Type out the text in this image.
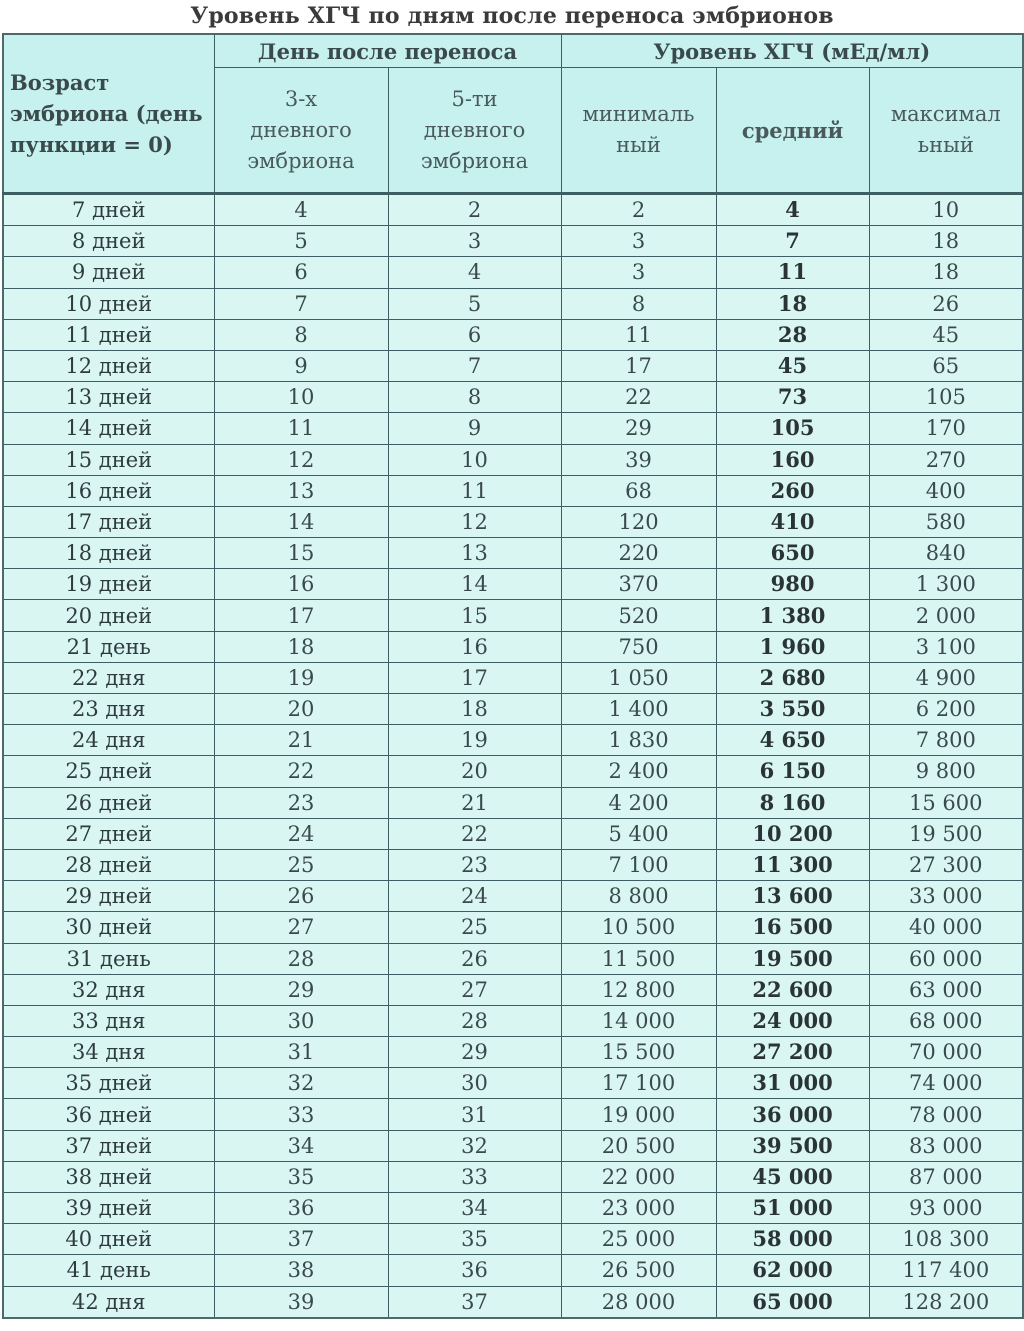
Уровень ХГЧ по дням после переноса эмбрионов
Возраст эмбриона (день пункции = 0)	День после переноса		Уровень ХГЧ (мЕд/мл)		
	3-х дневного эмбриона	5-ти дневного эмбриона	минималь ный	средний	максимал ьный
7 дней	4	2	2	4	10
8 дней	5	3	3	7	18
9 дней	6	4	3	11	18
10 дней	7	5	8	18	26
11 дней	8	6	11	28	45
12 дней	9	7	17	45	65
13 дней	10	8	22	73	105
14 дней	11	9	29	105	170
15 дней	12	10	39	160	270
16 дней	13	11	68	260	400
17 дней	14	12	120	410	580
18 дней	15	13	220	650	840
19 дней	16	14	370	980	1 300
20 дней	17	15	520	1 380	2 000
21 день	18	16	750	1 960	3 100
22 дня	19	17	1 050	2 680	4 900
23 дня	20	18	1 400	3 550	6 200
24 дня	21	19	1 830	4 650	7 800
25 дней	22	20	2 400	6 150	9 800
26 дней	23	21	4 200	8 160	15 600
27 дней	24	22	5 400	10 200	19 500
28 дней	25	23	7 100	11 300	27 300
29 дней	26	24	8 800	13 600	33 000
30 дней	27	25	10 500	16 500	40 000
31 день	28	26	11 500	19 500	60 000
32 дня	29	27	12 800	22 600	63 000
33 дня	30	28	14 000	24 000	68 000
34 дня	31	29	15 500	27 200	70 000
35 дней	32	30	17 100	31 000	74 000
36 дней	33	31	19 000	36 000	78 000
37 дней	34	32	20 500	39 500	83 000
38 дней	35	33	22 000	45 000	87 000
39 дней	36	34	23 000	51 000	93 000
40 дней	37	35	25 000	58 000	108 300
41 день	38	36	26 500	62 000	117 400
42 дня	39	37	28 000	65 000	128 200
